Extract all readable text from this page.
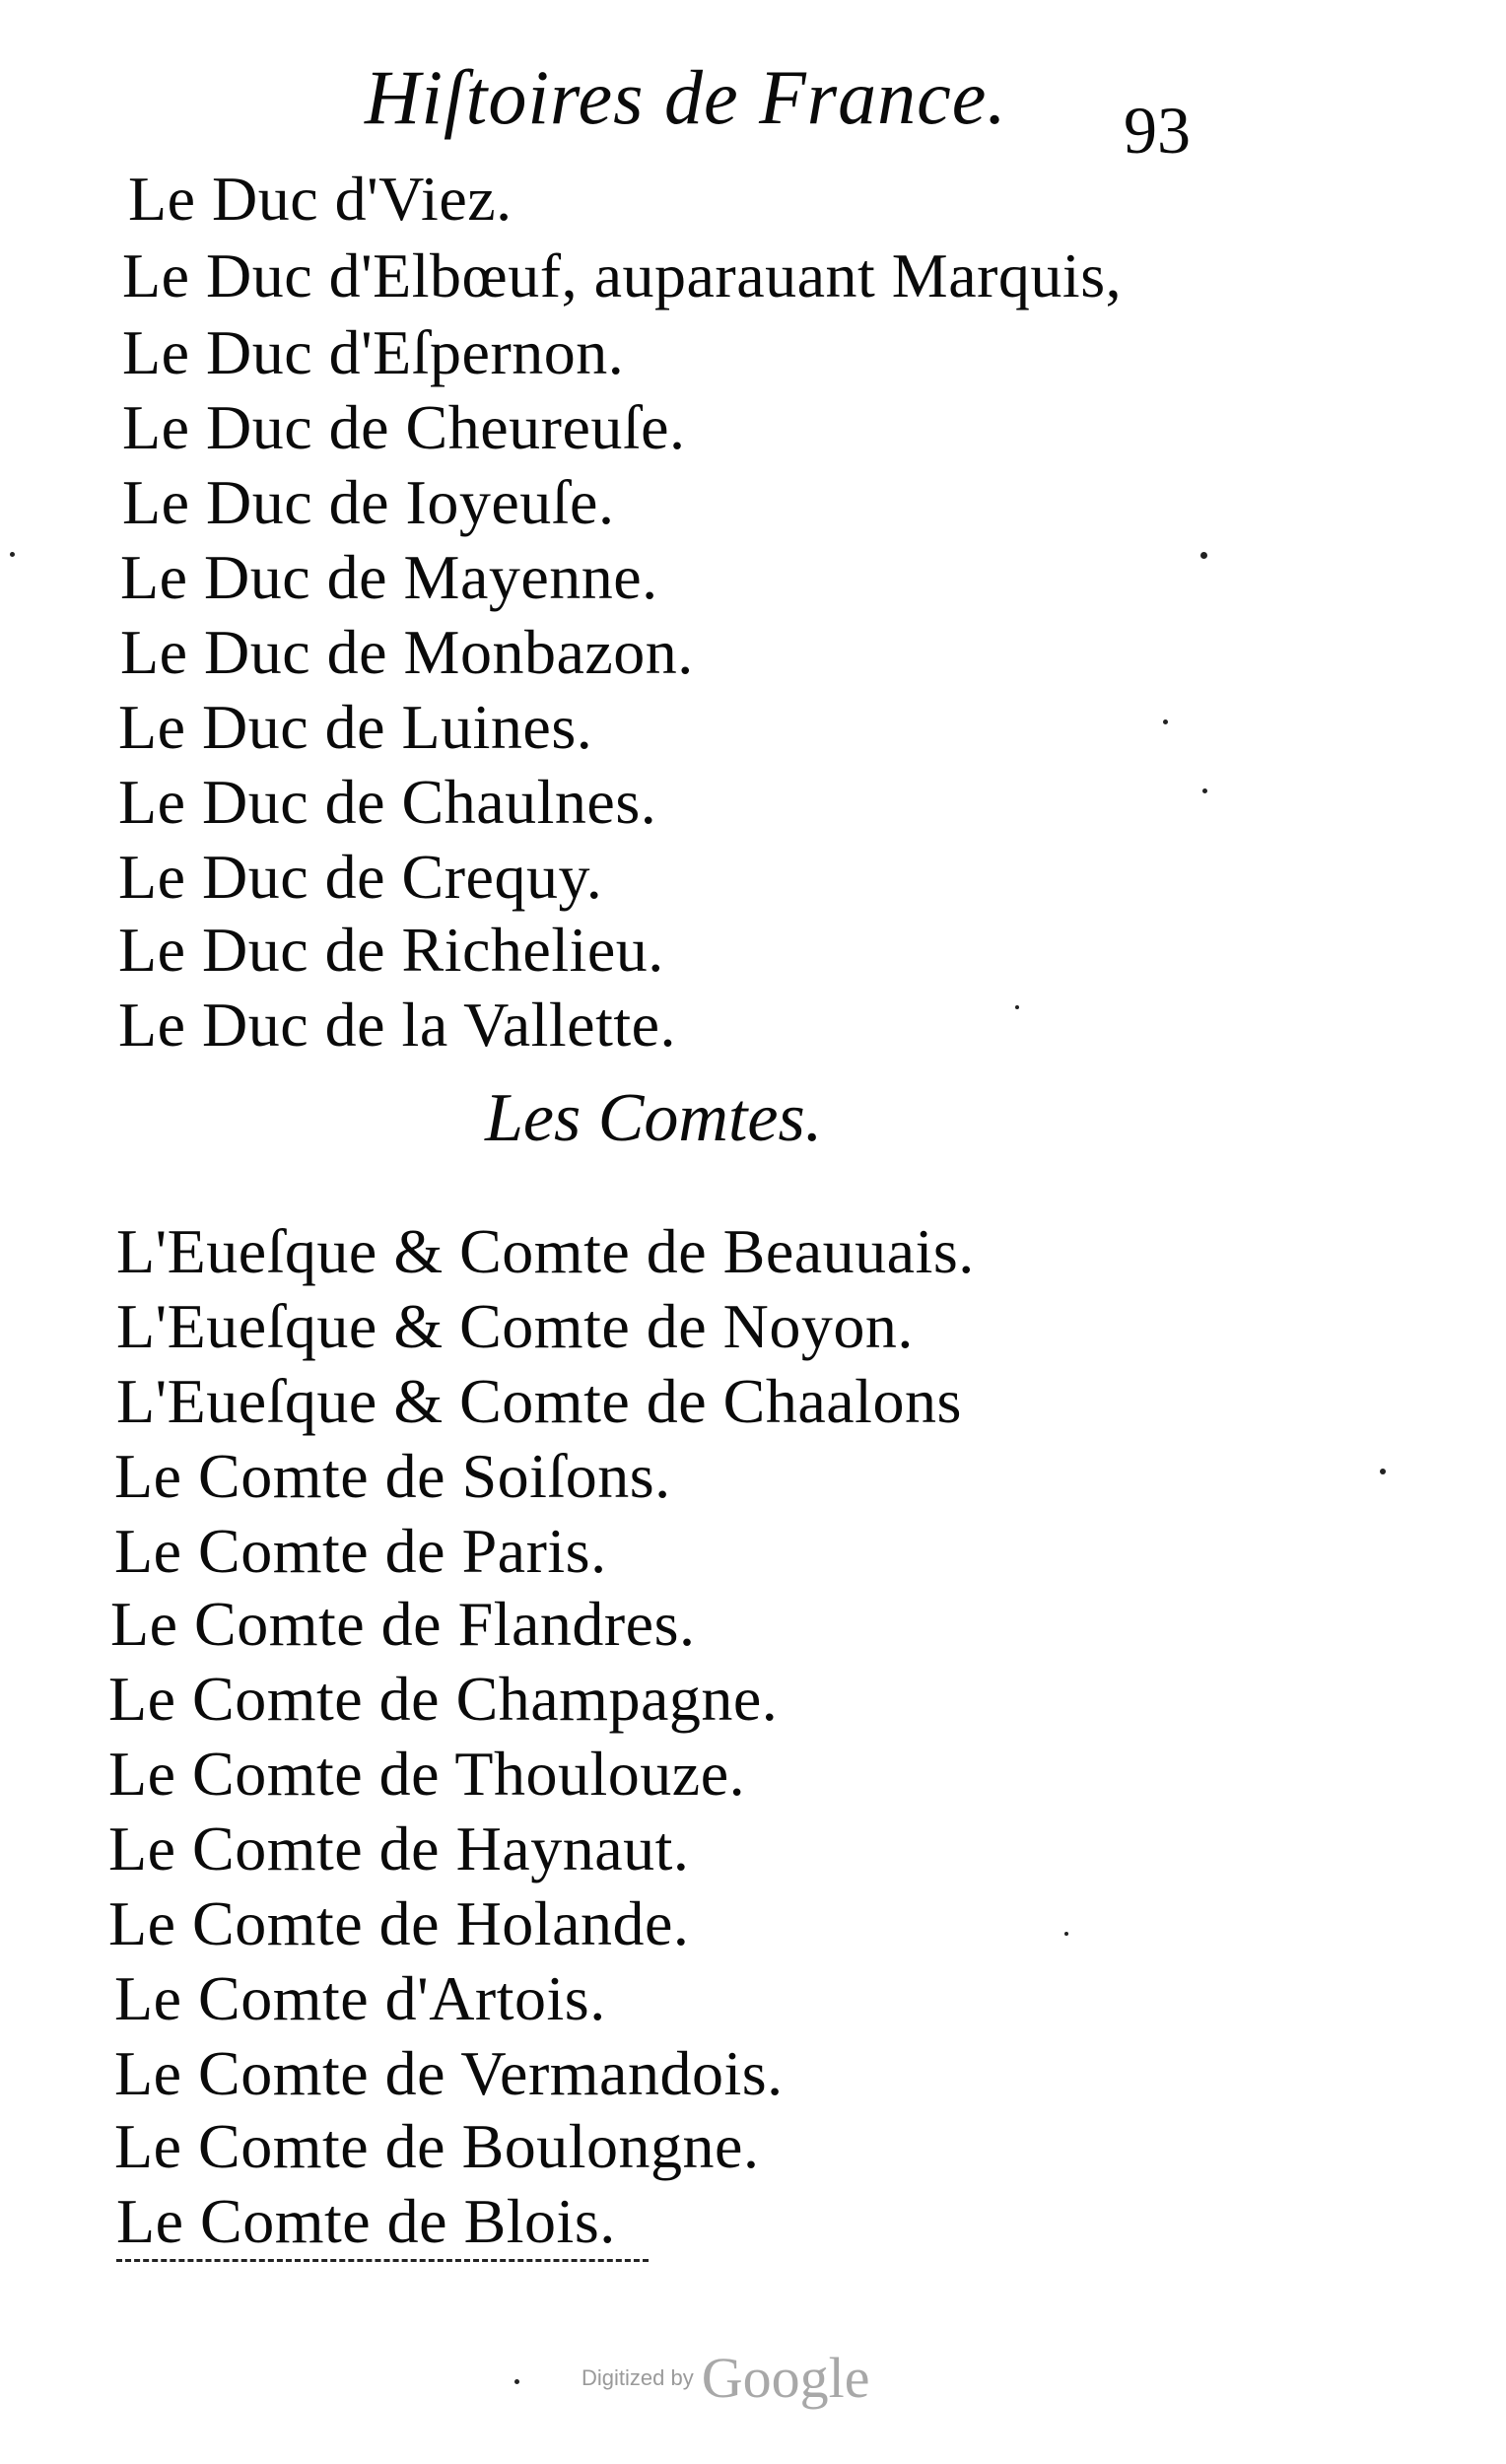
Hiſtoires de France. 93
Le Duc d'Viez.
Le Duc d'Elbœuf, auparauant Marquis,
Le Duc d'Eſpernon.
Le Duc de Cheureuſe.
Le Duc de Ioyeuſe.
Le Duc de Mayenne.
Le Duc de Monbazon.
Le Duc de Luines.
Le Duc de Chaulnes.
Le Duc de Crequy.
Le Duc de Richelieu.
Le Duc de la Vallette.
Les Comtes.
L'Eueſque & Comte de Beauuais.
L'Eueſque & Comte de Noyon.
L'Eueſque & Comte de Chaalons
Le Comte de Soiſons.
Le Comte de Paris.
Le Comte de Flandres.
Le Comte de Champagne.
Le Comte de Thoulouze.
Le Comte de Haynaut.
Le Comte de Holande.
Le Comte d'Artois.
Le Comte de Vermandois.
Le Comte de Boulongne.
Le Comte de Blois.
Digitized by Google
